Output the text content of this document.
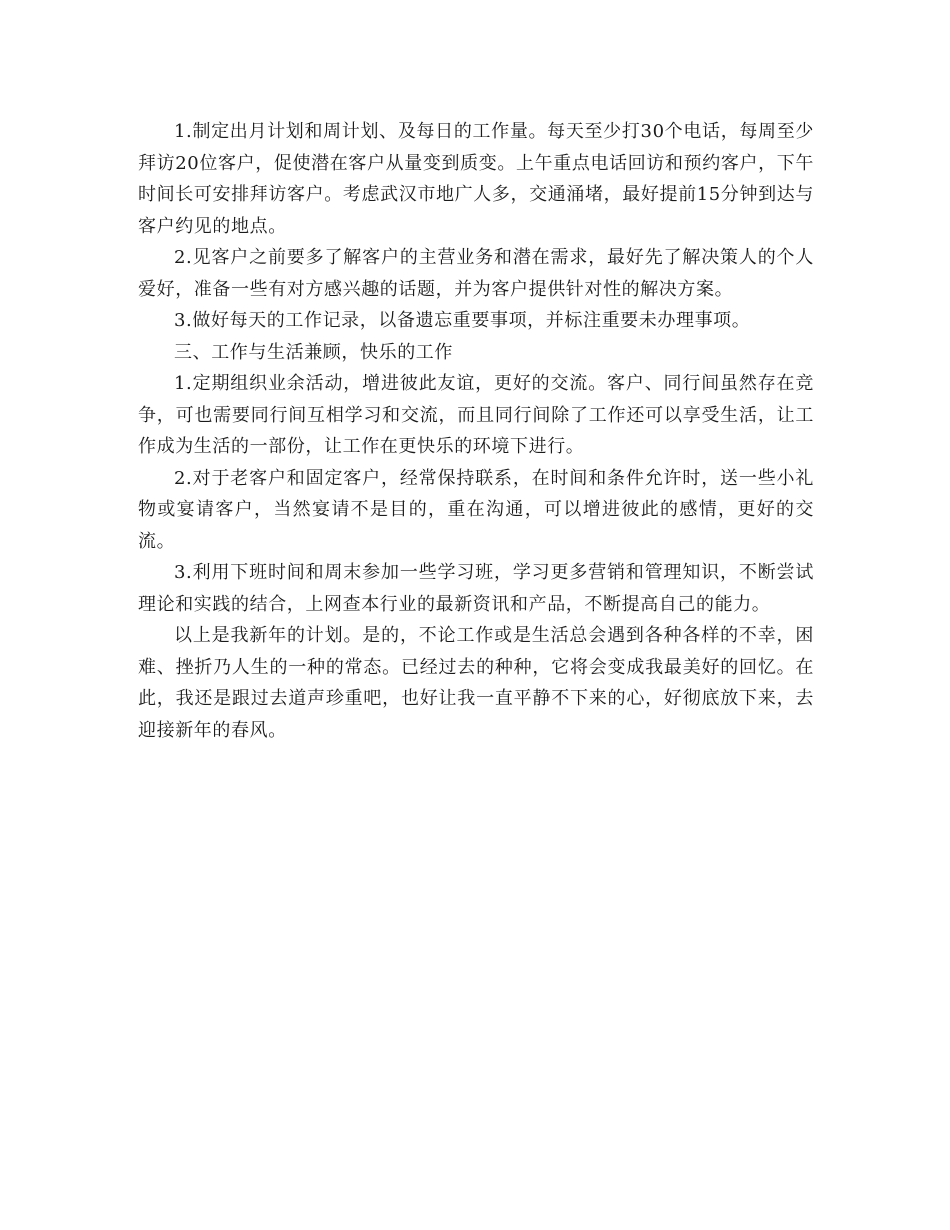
1.制定出月计划和周计划、及每日的工作量。每天至少打30个电话，每周至少拜访20位客户，促使潜在客户从量变到质变。上午重点电话回访和预约客户，下午时间长可安排拜访客户。考虑武汉市地广人多，交通涌堵，最好提前15分钟到达与客户约见的地点。

2.见客户之前要多了解客户的主营业务和潜在需求，最好先了解决策人的个人爱好，准备一些有对方感兴趣的话题，并为客户提供针对性的解决方案。

3.做好每天的工作记录，以备遗忘重要事项，并标注重要未办理事项。

三、工作与生活兼顾，快乐的工作

1.定期组织业余活动，增进彼此友谊，更好的交流。客户、同行间虽然存在竞争，可也需要同行间互相学习和交流，而且同行间除了工作还可以享受生活，让工作成为生活的一部份，让工作在更快乐的环境下进行。

2.对于老客户和固定客户，经常保持联系，在时间和条件允许时，送一些小礼物或宴请客户，当然宴请不是目的，重在沟通，可以增进彼此的感情，更好的交流。

3.利用下班时间和周末参加一些学习班，学习更多营销和管理知识，不断尝试理论和实践的结合，上网查本行业的最新资讯和产品，不断提高自己的能力。

以上是我新年的计划。是的，不论工作或是生活总会遇到各种各样的不幸，困难、挫折乃人生的一种的常态。已经过去的种种，它将会变成我最美好的回忆。在此，我还是跟过去道声珍重吧，也好让我一直平静不下来的心，好彻底放下来，去迎接新年的春风。
